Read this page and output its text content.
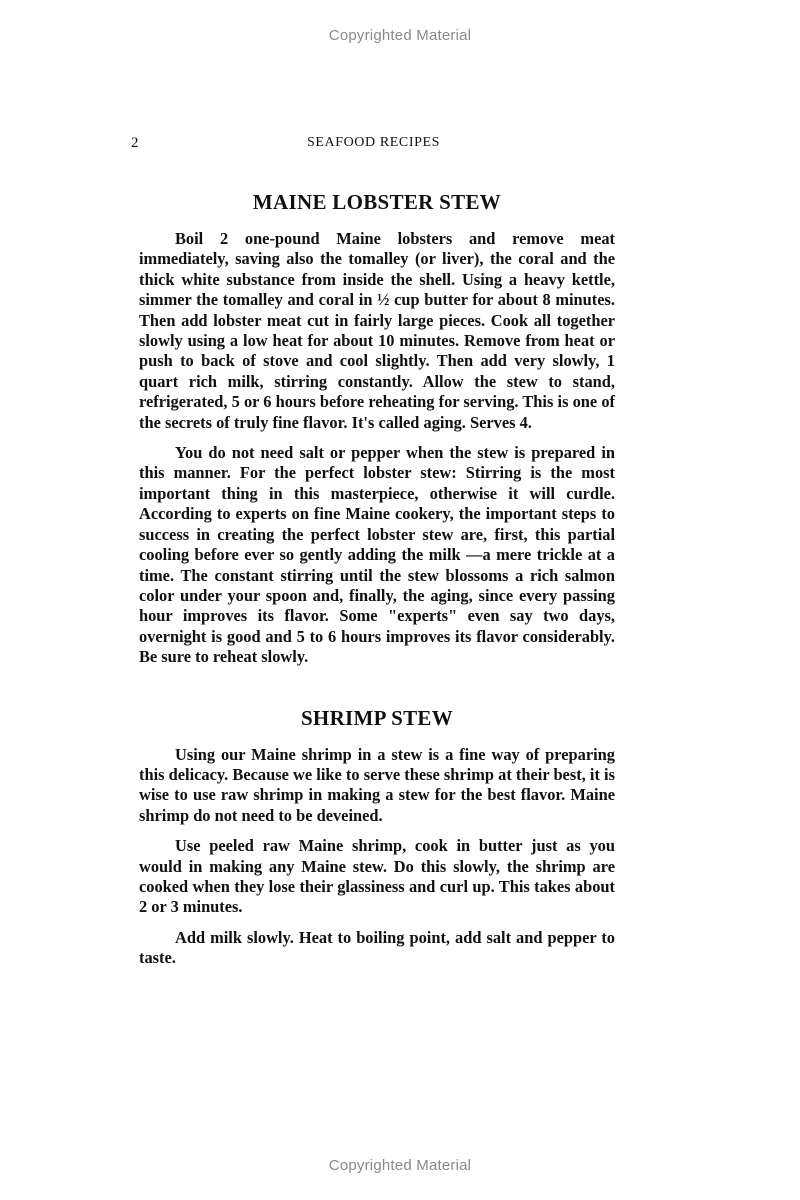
Copyrighted Material
2	SEAFOOD RECIPES
MAINE LOBSTER STEW

Boil 2 one-pound Maine lobsters and remove meat immediately, saving also the tomalley (or liver), the coral and the thick white substance from inside the shell. Using a heavy kettle, simmer the tomalley and coral in ½ cup butter for about 8 minutes. Then add lobster meat cut in fairly large pieces. Cook all together slowly using a low heat for about 10 minutes. Remove from heat or push to back of stove and cool slightly. Then add very slowly, 1 quart rich milk, stirring constantly. Allow the stew to stand, refrigerated, 5 or 6 hours before reheating for serving. This is one of the secrets of truly fine flavor. It's called aging. Serves 4.

You do not need salt or pepper when the stew is prepared in this manner. For the perfect lobster stew: Stirring is the most important thing in this masterpiece, otherwise it will curdle. According to experts on fine Maine cookery, the important steps to success in creating the perfect lobster stew are, first, this partial cooling before ever so gently adding the milk —a mere trickle at a time. The constant stirring until the stew blossoms a rich salmon color under your spoon and, finally, the aging, since every passing hour improves its flavor. Some "experts" even say two days, overnight is good and 5 to 6 hours improves its flavor considerably. Be sure to reheat slowly.

SHRIMP STEW

Using our Maine shrimp in a stew is a fine way of preparing this delicacy. Because we like to serve these shrimp at their best, it is wise to use raw shrimp in making a stew for the best flavor. Maine shrimp do not need to be deveined.

Use peeled raw Maine shrimp, cook in butter just as you would in making any Maine stew. Do this slowly, the shrimp are cooked when they lose their glassiness and curl up. This takes about 2 or 3 minutes.

Add milk slowly. Heat to boiling point, add salt and pepper to taste.

Copyrighted Material
